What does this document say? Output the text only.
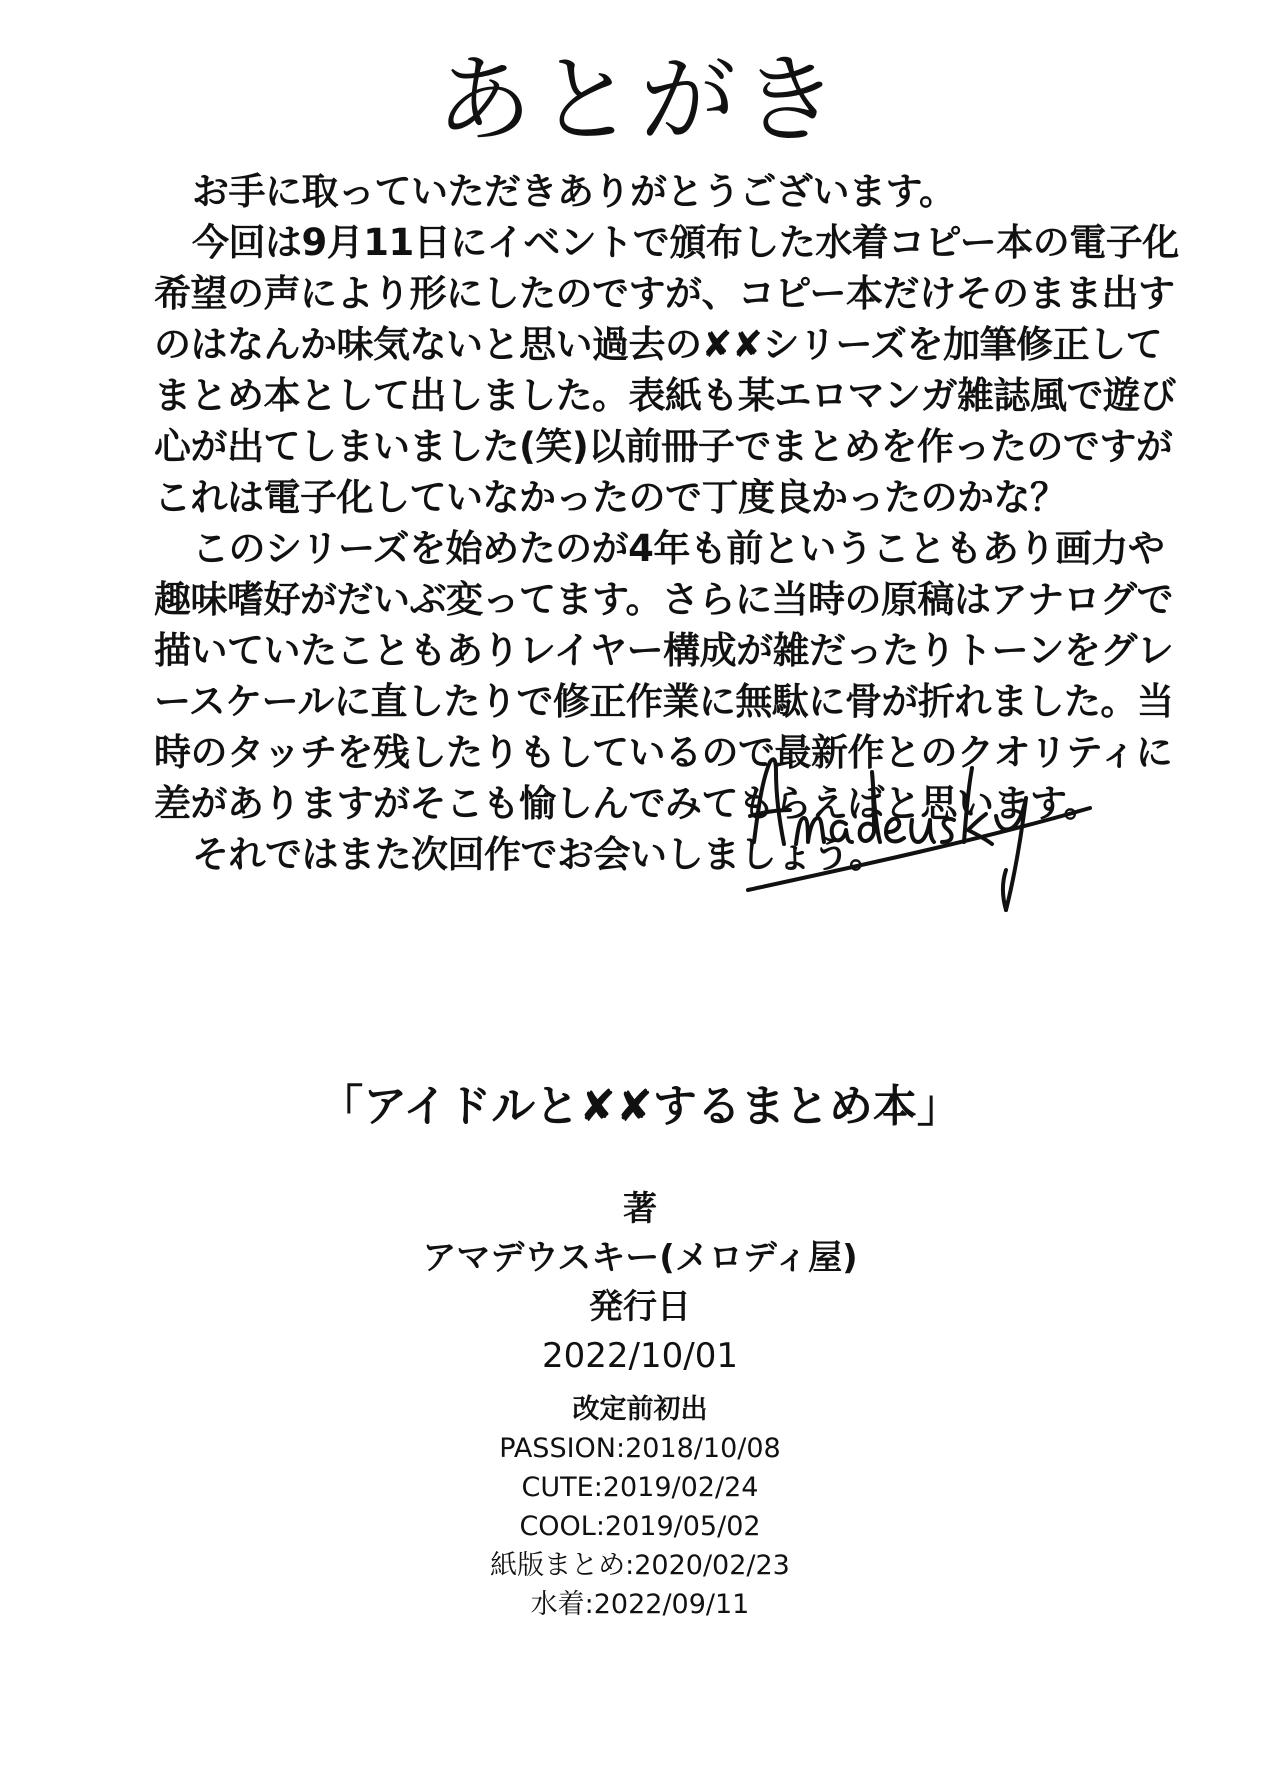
あとがき
お手に取っていただきありがとうございます。
今回は9月11日にイベントで頒布した水着コピー本の電子化
希望の声により形にしたのですが、コピー本だけそのまま出す
のはなんか味気ないと思い過去の✘✘シリーズを加筆修正して
まとめ本として出しました。表紙も某エロマンガ雑誌風で遊び
心が出てしまいました(笑)以前冊子でまとめを作ったのですが
これは電子化していなかったので丁度良かったのかな？
このシリーズを始めたのが4年も前ということもあり画力や
趣味嗜好がだいぶ変ってます。さらに当時の原稿はアナログで
描いていたこともありレイヤー構成が雑だったりトーンをグレ
ースケールに直したりで修正作業に無駄に骨が折れました。当
時のタッチを残したりもしているので最新作とのクオリティに
差がありますがそこも愉しんでみてもらえばと思います。
それではまた次回作でお会いしましょう。
「アイドルと✘✘するまとめ本」
著
アマデウスキー(メロディ屋)
発行日
2022/10/01
改定前初出
PASSION:2018/10/08
CUTE:2019/02/24
COOL:2019/05/02
紙版まとめ:2020/02/23
水着:2022/09/11
